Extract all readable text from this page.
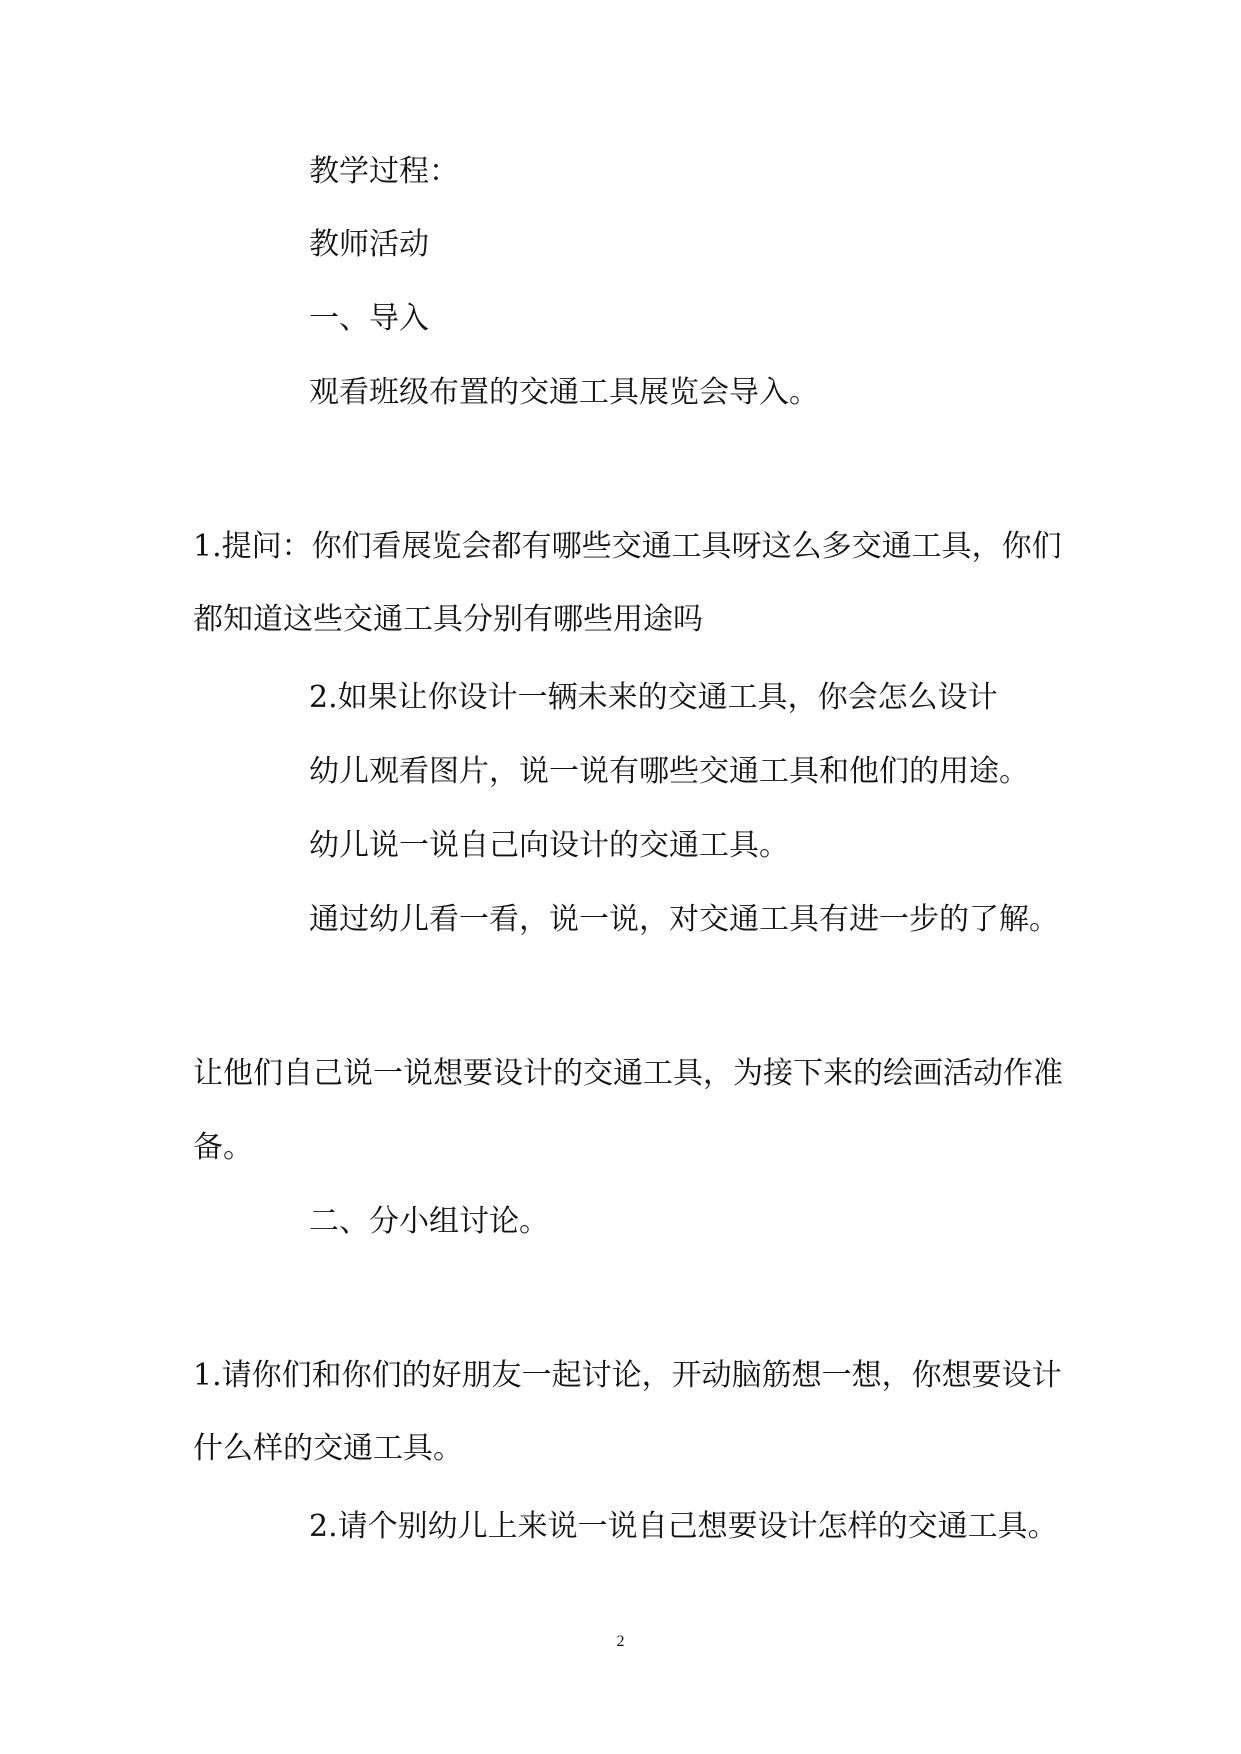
教学过程：

教师活动

一、导入

观看班级布置的交通工具展览会导入。

1.提问：你们看展览会都有哪些交通工具呀这么多交通工具，你们

都知道这些交通工具分别有哪些用途吗

2.如果让你设计一辆未来的交通工具，你会怎么设计

幼儿观看图片，说一说有哪些交通工具和他们的用途。

幼儿说一说自己向设计的交通工具。

通过幼儿看一看，说一说，对交通工具有进一步的了解。

让他们自己说一说想要设计的交通工具，为接下来的绘画活动作准

备。

二、分小组讨论。

1.请你们和你们的好朋友一起讨论，开动脑筋想一想，你想要设计

什么样的交通工具。

2.请个别幼儿上来说一说自己想要设计怎样的交通工具。

2
